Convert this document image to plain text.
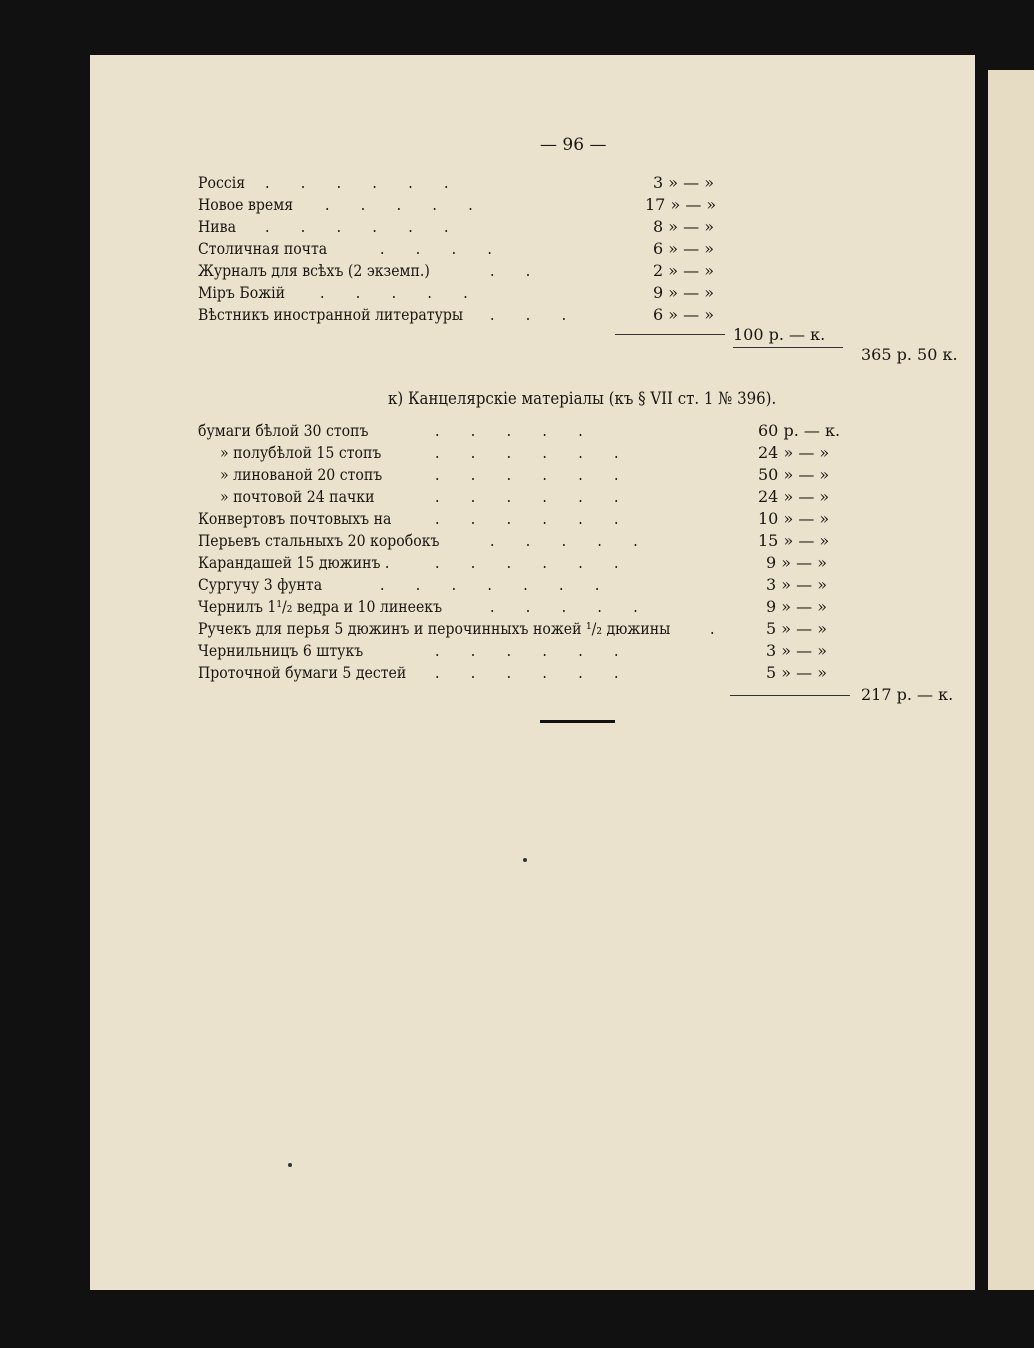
— 96 —
Россія .       .       .       .       .       .	3 » — »
Новое время .       .       .       .       .	17 » — »
Нива .       .       .       .       .       .	8 » — »
Столичная почта	.       .       .       .	6 » — »
Журналъ для всѣхъ (2 экземп.)	.       .	2 » — »
Міръ Божій .       .       .       .       .	9 » — »
Вѣстникъ иностранной литературы .       .       .	6 » — »
100 р. — к.
365 р. 50 к.
к) Канцелярскіе матеріалы (къ § VII ст. 1 № 396).
бумаги бѣлой 30 стопъ	.       .       .       .       .	60 р. — к.
» полубѣлой 15 стопъ	.       .       .       .       .       .	24 » — »
» линованой 20 стопъ	.       .       .       .       .       .	50 » — »
» почтовой 24 пачки	.       .       .       .       .       .	24 » — »
Конвертовъ почтовыхъ на	.       .       .       .       .       .	10 » — »
Перьевъ стальныхъ 20 коробокъ	.       .       .       .       .	15 » — »
Карандашей 15 дюжинъ .	.       .       .       .       .       .	9 » — »
Сургучу 3 фунта	.       .       .       .       .       .       .	3 » — »
Чернилъ 1¹/₂ ведра и 10 линеекъ	.       .       .       .       .	9 » — »
Ручекъ для перья 5 дюжинъ и перочинныхъ ножей ¹/₂ дюжины .	5 » — »
Чернильницъ 6 штукъ	.       .       .       .       .       .	3 » — »
Проточной бумаги 5 дестей .       .       .       .       .       .	5 » — »
217 р. — к.
